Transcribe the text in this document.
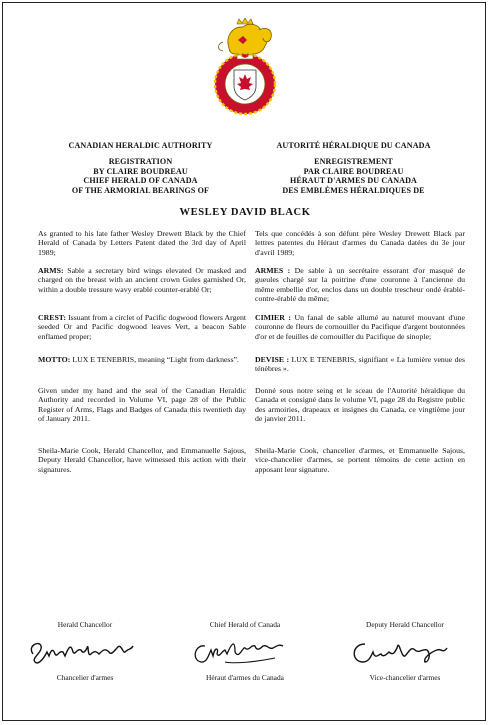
CANADIAN HERALDIC AUTHORITY
REGISTRATION
BY CLAIRE BOUDREAU
CHIEF HERALD OF CANADA
OF THE ARMORIAL BEARINGS OF
AUTORITÉ HÉRALDIQUE DU CANADA
ENREGISTREMENT
PAR CLAIRE BOUDREAU
HÉRAUT D'ARMES DU CANADA
DES EMBLÈMES HÉRALDIQUES DE
WESLEY DAVID BLACK
As granted to his late father Wesley Drewett Black by the Chief Herald of Canada by Letters Patent dated the 3rd day of April 1989;
ARMS: Sable a secretary bird wings elevated Or masked and charged on the breast with an ancient crown Gules garnished Or, within a double tressure wavy erablé counter-erablé Or;
CREST: Issuant from a circlet of Pacific dogwood flowers Argent seeded Or and Pacific dogwood leaves Vert, a beacon Sable enflamed proper;
MOTTO: LUX E TENEBRIS, meaning “Light from darkness”.
Given under my hand and the seal of the Canadian Heraldic Authority and recorded in Volume VI, page 28 of the Public Register of Arms, Flags and Badges of Canada this twentieth day of January 2011.
Sheila-Marie Cook, Herald Chancellor, and Emmanuelle Sajous, Deputy Herald Chancellor, have witnessed this action with their signatures.
Tels que concédés à son défunt père Wesley Drewett Black par lettres patentes du Héraut d'armes du Canada datées du 3e jour d'avril 1989;
ARMES : De sable à un secrétaire essorant d'or masqué de gueules chargé sur la poitrine d'une couronne à l'ancienne du même embellie d'or, enclos dans un double trescheur ondé érablé-contre-érablé du même;
CIMIER : Un fanal de sable allumé au naturel mouvant d'une couronne de fleurs de cornouiller du Pacifique d'argent boutonnées d'or et de feuilles de cornouiller du Pacifique de sinople;
DEVISE : LUX E TENEBRIS, signifiant « La lumière venue des ténèbres ».
Donné sous notre seing et le sceau de l'Autorité héraldique du Canada et consigné dans le volume VI, page 28 du Registre public des armoiries, drapeaux et insignes du Canada, ce vingtième jour de janvier 2011.
Sheila-Marie Cook, chancelier d'armes, et Emmanuelle Sajous, vice-chancelier d'armes, se portent témoins de cette action en apposant leur signature.
Herald Chancellor
Chancelier d'armes
Chief Herald of Canada
Héraut d'armes du Canada
Deputy Herald Chancellor
Vice-chancelier d'armes
